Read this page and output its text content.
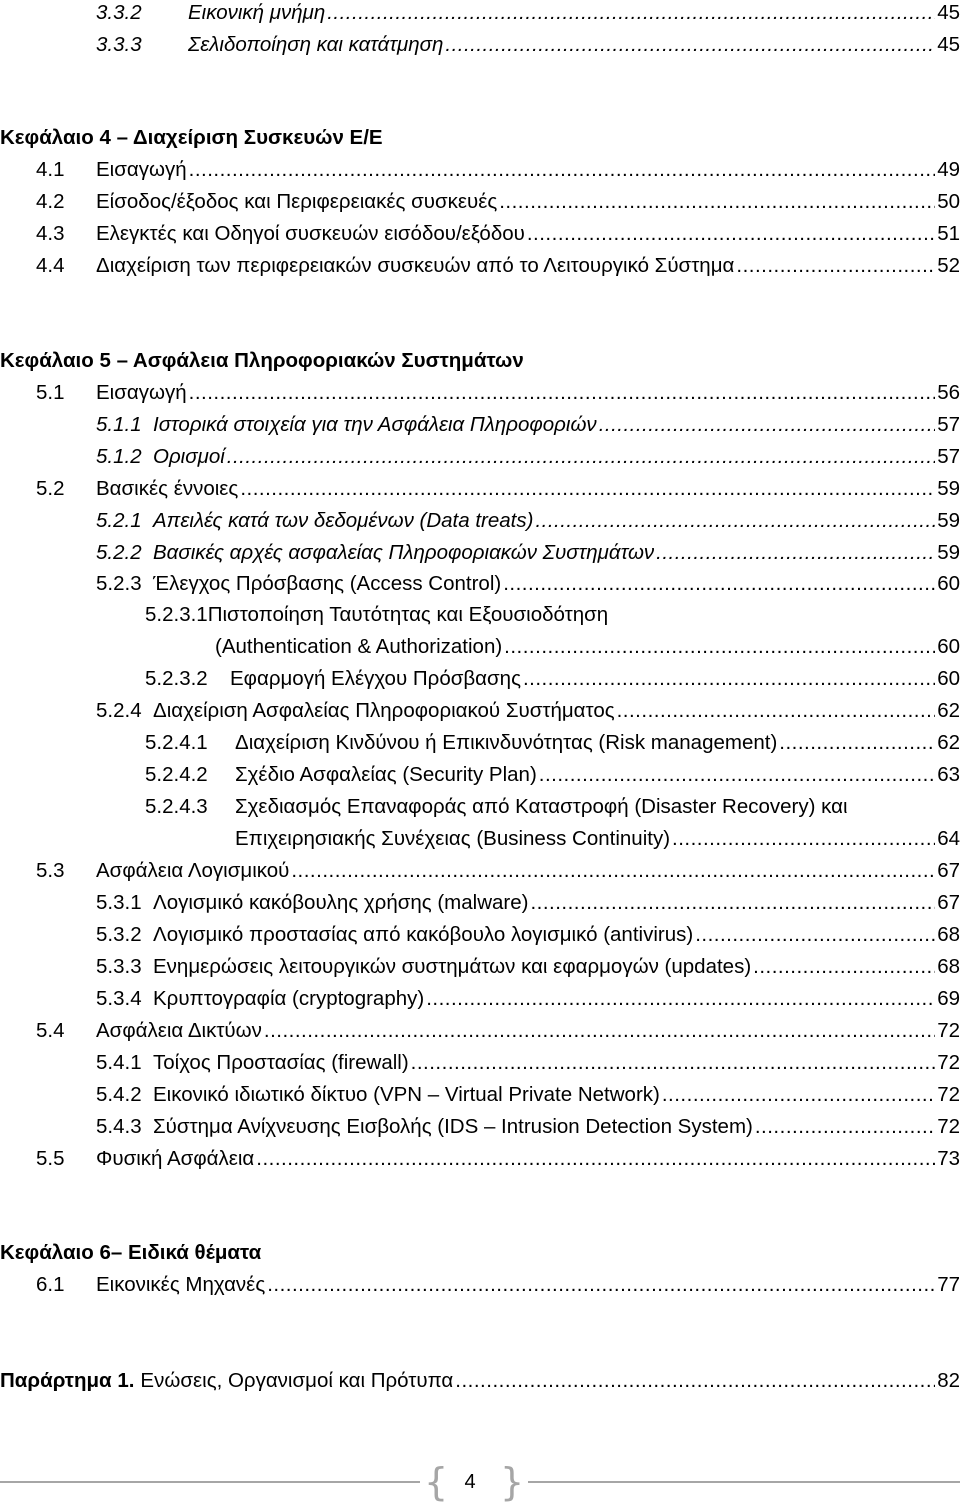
3.3.2	Εικονική μνήμη . . .	45
3.3.3	Σελιδοποίηση και κατάτμηση . . .	45
Κεφάλαιο 4 – Διαχείριση Συσκευών Ε/Ε
4.1	Εισαγωγή . . .	49
4.2	Είσοδος/έξοδος και Περιφερειακές συσκευές . . .	50
4.3	Ελεγκτές και Οδηγοί συσκευών εισόδου/εξόδου . . .	51
4.4	Διαχείριση των περιφερειακών συσκευών από το Λειτουργικό Σύστημα . . .	52
Κεφάλαιο 5 – Ασφάλεια Πληροφοριακών Συστημάτων
5.1	Εισαγωγή . . .	56
5.1.1 Ιστορικά στοιχεία για την Ασφάλεια Πληροφοριών . . .	57
5.1.2 Ορισμοί . . .	57
5.2	Βασικές έννοιες . . .	59
5.2.1 Απειλές κατά των δεδομένων (Data treats) . . .	59
5.2.2 Βασικές αρχές ασφαλείας Πληροφοριακών Συστημάτων . . .	59
5.2.3 Έλεγχος Πρόσβασης (Access Control) . . .	60
5.2.3.1Πιστοποίηση Ταυτότητας και Εξουσιοδότηση
(Authentication & Authorization) . . .	60
5.2.3.2	Εφαρμογή Ελέγχου Πρόσβασης . . .	60
5.2.4 Διαχείριση Ασφαλείας Πληροφοριακού Συστήματος . . .	62
5.2.4.1	Διαχείριση Κινδύνου ή Επικινδυνότητας (Risk management) . . .	62
5.2.4.2	Σχέδιο Ασφαλείας (Security Plan) . . .	63
5.2.4.3 Σχεδιασμός Επαναφοράς από Καταστροφή (Disaster Recovery) και
Επιχειρησιακής Συνέχειας (Business Continuity) . . .	64
5.3	Ασφάλεια Λογισμικού . . .	67
5.3.1 Λογισμικό κακόβουλης χρήσης (malware) . . .	67
5.3.2 Λογισμικό προστασίας από κακόβουλο λογισμικό (antivirus) . . .	68
5.3.3 Ενημερώσεις λειτουργικών συστημάτων και εφαρμογών (updates) . . .	68
5.3.4 Κρυπτογραφία (cryptography) . . .	69
5.4	Ασφάλεια Δικτύων . . .	72
5.4.1 Τοίχος Προστασίας (firewall) . . .	72
5.4.2 Εικονικό ιδιωτικό δίκτυο (VPN – Virtual Private Network) . . .	72
5.4.3 Σύστημα Ανίχνευσης Εισβολής (IDS – Intrusion Detection System) . . .	72
5.5	Φυσική Ασφάλεια . . .	73
Κεφάλαιο 6– Ειδικά θέματα
6.1	Εικονικές Μηχανές . . .	77
Παράρτημα 1. Ενώσεις, Οργανισμοί και Πρότυπα . . .	82
{ 4 }
